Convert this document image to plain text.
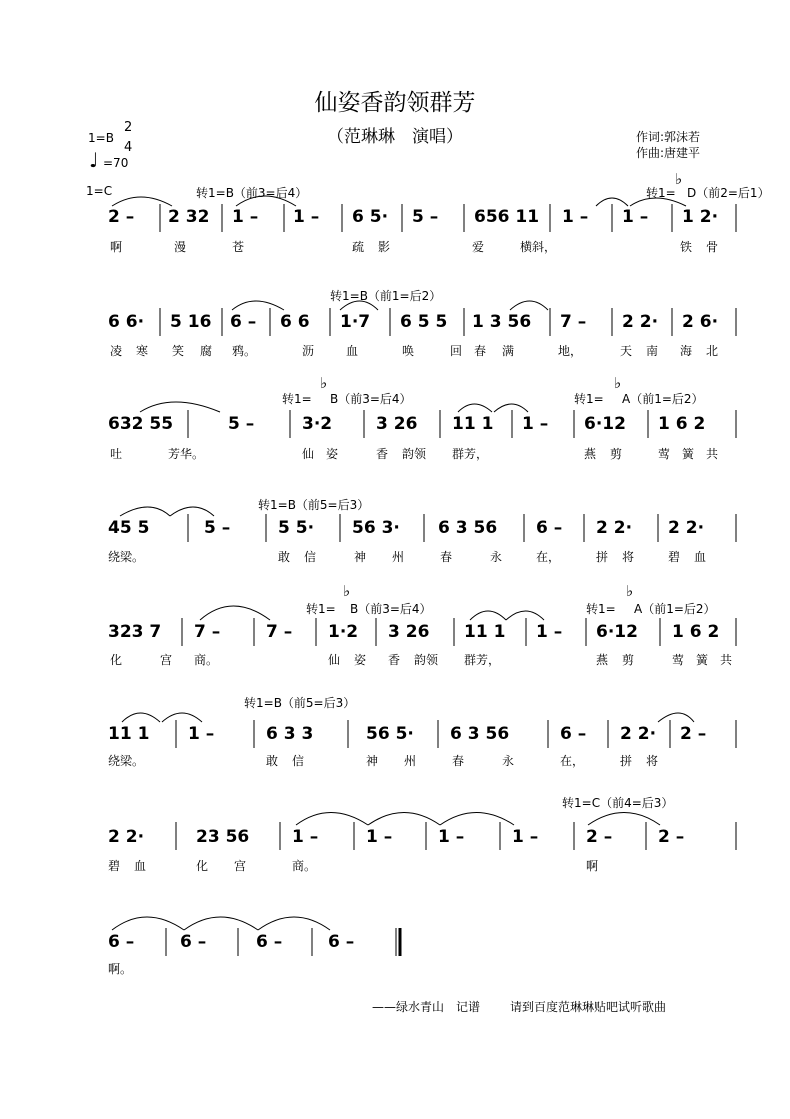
仙姿香韵领群芳
（范琳琳　演唱）	作词:郭沫若
作曲:唐建平
1=B
2
4
♩ =70
1=C	转1=B（前3=后4）	转1=
♭
D（前2=后1）
2 – 2 32 1 – 1 – 6 5· 5 – 656 11 1 – 1 – 1 2·
啊	漫	苍	疏 影	爱	横斜，	铁 骨
转1=B（前1=后2）
6 6· 5 16 6 – 6 6 1·7 6 5 5 1 3 56 7 – 2 2· 2 6·
凌 寒 笑 腐 鸦。	沥	血	唤	回 春 满	地，	天 南 海 北
转1=
♭
B（前3=后4）	转1=
♭
A（前1=后2）
632 55	5 –	3·2	3 26 11 1 1 – 6·12 1 6 2
吐	芳华。	仙 姿	香 韵领 群芳，	燕 剪	莺 簧 共
转1=B（前5=后3）
45 5	5 –	5 5· 56 3· 6 3 56 6 – 2 2· 2 2·
绕梁。	敢 信	神 州	春	永	在，	拼 将	碧 血
转1=
♭
B（前3=后4）	转1=
♭
A（前1=后2）
323 7 7 –	7 – 1·2 3 26 11 1 1 – 6·12 1 6 2
化	宫 商。	仙 姿 香 韵领 群芳，	燕 剪	莺 簧 共
转1=B（前5=后3）
11 1 1 –	6 3 3	56 5· 6 3 56	6 – 2 2· 2 –
绕梁。	敢 信	神 州	春	永	在，	拼 将
转1=C（前4=后3）
2 2·	23 56	1 –	1 –	1 –	1 –	2 –	2 –
碧 血	化 宫	商。	啊
6 –	6 –	6 –	6 –
啊。
——绿水青山　记谱 请到百度范琳琳贴吧试听歌曲
